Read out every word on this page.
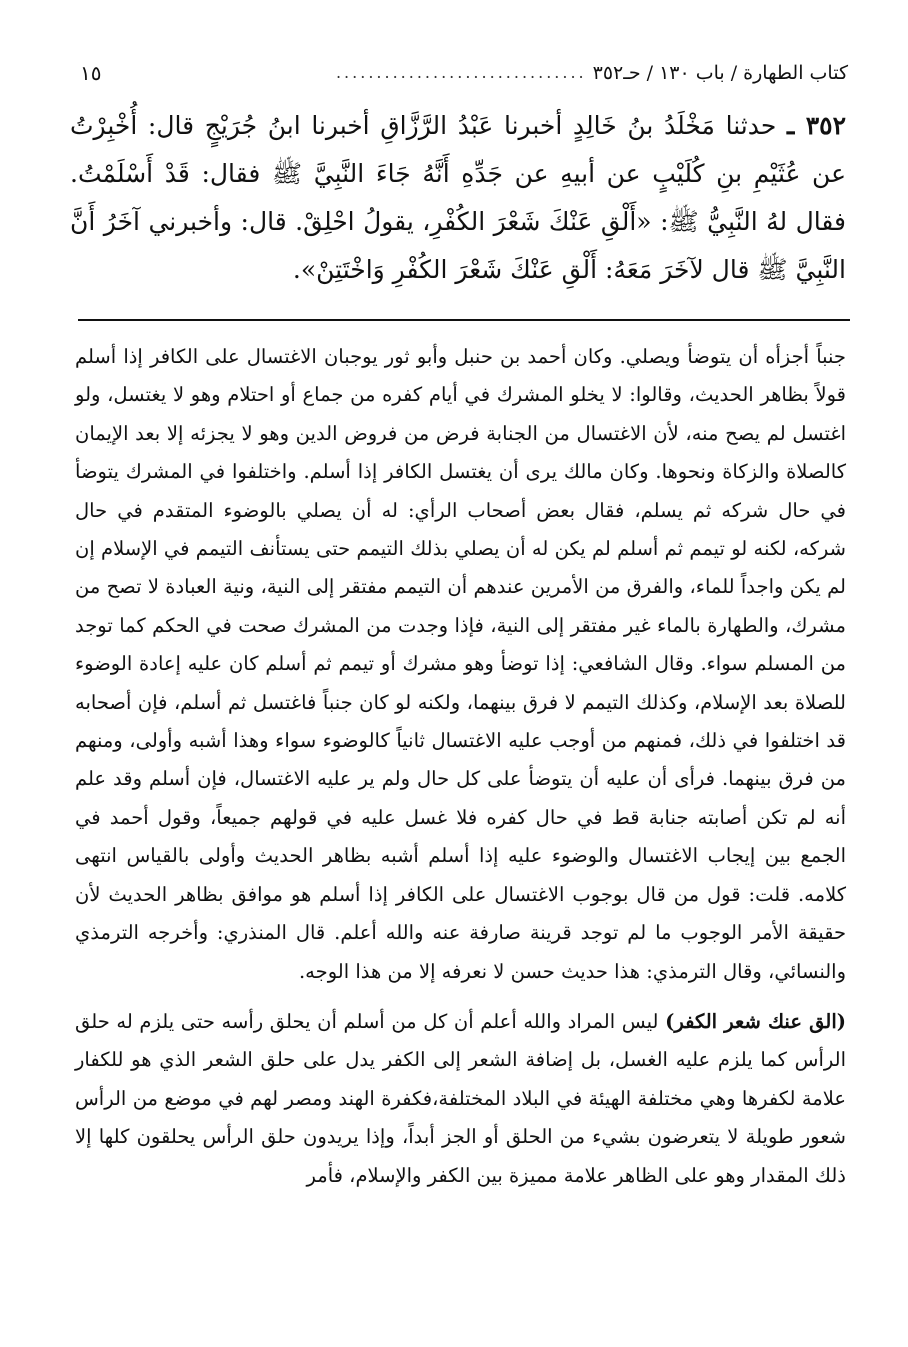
كتاب الطهارة / باب ١٣٠ / حـ٣٥٢
...............................
١٥
٣٥٢ ـ حدثنا مَخْلَدُ بنُ خَالِدٍ أخبرنا عَبْدُ الرَّزَّاقِ أخبرنا ابنُ جُرَيْجٍ قال: أُخْبِرْتُ عن عُثَيْمِ بنِ كُلَيْبٍ عن أبيهِ عن جَدِّهِ أَنَّهُ جَاءَ النَّبِيَّ ﷺ فقال: قَدْ أَسْلَمْتُ. فقال لهُ النَّبِيُّ ﷺ: «أَلْقِ عَنْكَ شَعْرَ الكُفْرِ، يقولُ احْلِقْ. قال: وأخبرني آخَرُ أَنَّ النَّبِيَّ ﷺ قال لآخَرَ مَعَهُ: أَلْقِ عَنْكَ شَعْرَ الكُفْرِ وَاخْتَتِنْ».

جنباً أجزأه أن يتوضأ ويصلي. وكان أحمد بن حنبل وأبو ثور يوجبان الاغتسال على الكافر إذا أسلم قولاً بظاهر الحديث، وقالوا: لا يخلو المشرك في أيام كفره من جماع أو احتلام وهو لا يغتسل، ولو اغتسل لم يصح منه، لأن الاغتسال من الجنابة فرض من فروض الدين وهو لا يجزئه إلا بعد الإيمان كالصلاة والزكاة ونحوها. وكان مالك يرى أن يغتسل الكافر إذا أسلم. واختلفوا في المشرك يتوضأ في حال شركه ثم يسلم، فقال بعض أصحاب الرأي: له أن يصلي بالوضوء المتقدم في حال شركه، لكنه لو تيمم ثم أسلم لم يكن له أن يصلي بذلك التيمم حتى يستأنف التيمم في الإسلام إن لم يكن واجداً للماء، والفرق من الأمرين عندهم أن التيمم مفتقر إلى النية، ونية العبادة لا تصح من مشرك، والطهارة بالماء غير مفتقر إلى النية، فإذا وجدت من المشرك صحت في الحكم كما توجد من المسلم سواء. وقال الشافعي: إذا توضأ وهو مشرك أو تيمم ثم أسلم كان عليه إعادة الوضوء للصلاة بعد الإسلام، وكذلك التيمم لا فرق بينهما، ولكنه لو كان جنباً فاغتسل ثم أسلم، فإن أصحابه قد اختلفوا في ذلك، فمنهم من أوجب عليه الاغتسال ثانياً كالوضوء سواء وهذا أشبه وأولى، ومنهم من فرق بينهما. فرأى أن عليه أن يتوضأ على كل حال ولم ير عليه الاغتسال، فإن أسلم وقد علم أنه لم تكن أصابته جنابة قط في حال كفره فلا غسل عليه في قولهم جميعاً، وقول أحمد في الجمع بين إيجاب الاغتسال والوضوء عليه إذا أسلم أشبه بظاهر الحديث وأولى بالقياس انتهى كلامه. قلت: قول من قال بوجوب الاغتسال على الكافر إذا أسلم هو موافق بظاهر الحديث لأن حقيقة الأمر الوجوب ما لم توجد قرينة صارفة عنه والله أعلم. قال المنذري: وأخرجه الترمذي والنسائي، وقال الترمذي: هذا حديث حسن لا نعرفه إلا من هذا الوجه.

(الق عنك شعر الكفر) ليس المراد والله أعلم أن كل من أسلم أن يحلق رأسه حتى يلزم له حلق الرأس كما يلزم عليه الغسل، بل إضافة الشعر إلى الكفر يدل على حلق الشعر الذي هو للكفار علامة لكفرها وهي مختلفة الهيئة في البلاد المختلفة،فكفرة الهند ومصر لهم في موضع من الرأس شعور طويلة لا يتعرضون بشيء من الحلق أو الجز أبداً، وإذا يريدون حلق الرأس يحلقون كلها إلا ذلك المقدار وهو على الظاهر علامة مميزة بين الكفر والإسلام، فأمر
